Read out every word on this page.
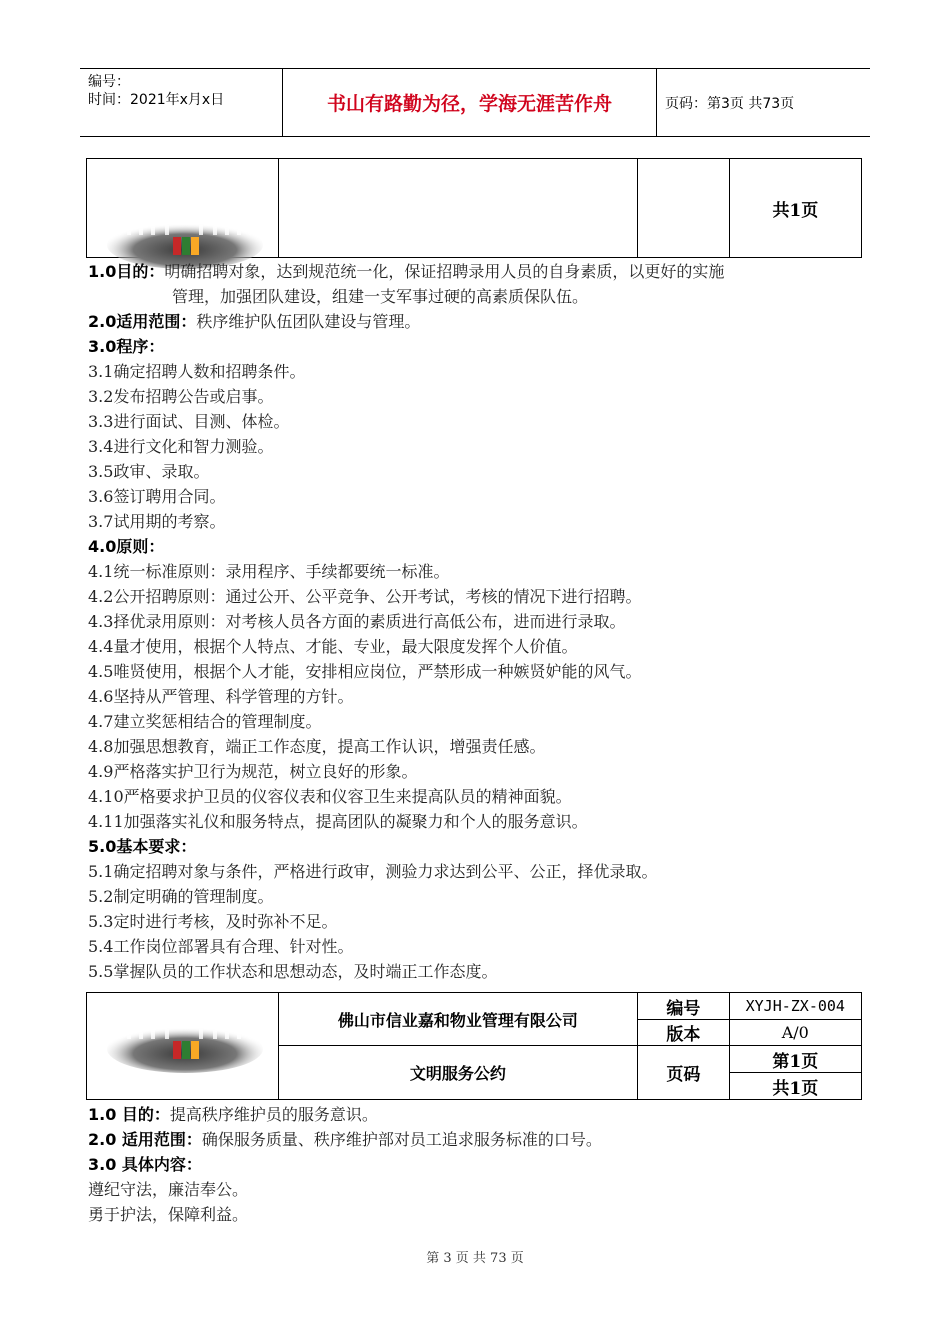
编号：
时间：2021年x月x日	书山有路勤为径，学海无涯苦作舟	页码：第3页 共73页
			共1页
1.0目的：明确招聘对象，达到规范统一化，保证招聘录用人员的自身素质，以更好的实施
管理，加强团队建设，组建一支军事过硬的高素质保队伍。
2.0适用范围：秩序维护队伍团队建设与管理。
3.0程序：
3.1确定招聘人数和招聘条件。
3.2发布招聘公告或启事。
3.3进行面试、目测、体检。
3.4进行文化和智力测验。
3.5政审、录取。
3.6签订聘用合同。
3.7试用期的考察。
4.0原则：
4.1统一标准原则：录用程序、手续都要统一标准。
4.2公开招聘原则：通过公开、公平竞争、公开考试，考核的情况下进行招聘。
4.3择优录用原则：对考核人员各方面的素质进行高低公布，进而进行录取。
4.4量才使用，根据个人特点、才能、专业，最大限度发挥个人价值。
4.5唯贤使用，根据个人才能，安排相应岗位，严禁形成一种嫉贤妒能的风气。
4.6坚持从严管理、科学管理的方针。
4.7建立奖惩相结合的管理制度。
4.8加强思想教育，端正工作态度，提高工作认识，增强责任感。
4.9严格落实护卫行为规范，树立良好的形象。
4.10严格要求护卫员的仪容仪表和仪容卫生来提高队员的精神面貌。
4.11加强落实礼仪和服务特点，提高团队的凝聚力和个人的服务意识。
5.0基本要求：
5.1确定招聘对象与条件，严格进行政审，测验力求达到公平、公正，择优录取。
5.2制定明确的管理制度。
5.3定时进行考核，及时弥补不足。
5.4工作岗位部署具有合理、针对性。
5.5掌握队员的工作状态和思想动态，及时端正工作态度。
	佛山市信业嘉和物业管理有限公司	编号	XYJH-ZX-004
		版本	A/0
	文明服务公约	页码	第1页
			共1页
1.0 目的：提高秩序维护员的服务意识。
2.0 适用范围：确保服务质量、秩序维护部对员工追求服务标准的口号。
3.0 具体内容：
遵纪守法，廉洁奉公。
勇于护法，保障利益。
第 3 页 共 73 页
